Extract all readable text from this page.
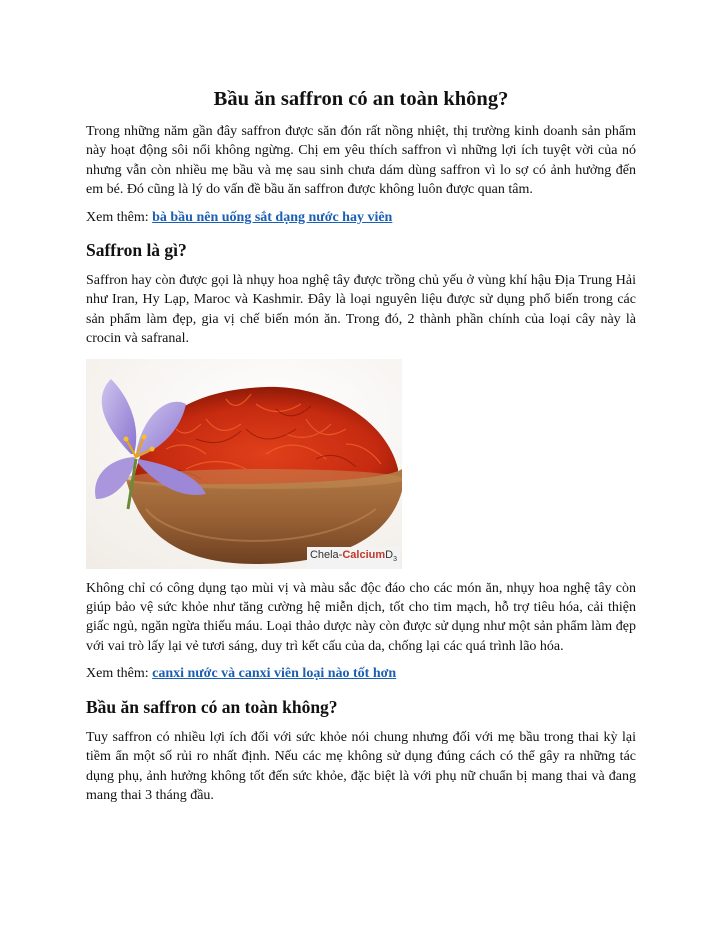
Bầu ăn saffron có an toàn không?

Trong những năm gần đây saffron được săn đón rất nồng nhiệt, thị trường kinh doanh sản phẩm này hoạt động sôi nổi không ngừng. Chị em yêu thích saffron vì những lợi ích tuyệt vời của nó nhưng vẫn còn nhiều mẹ bầu và mẹ sau sinh chưa dám dùng saffron vì lo sợ có ảnh hưởng đến em bé. Đó cũng là lý do vấn đề bầu ăn saffron được không luôn được quan tâm.

Xem thêm: bà bầu nên uống sắt dạng nước hay viên

Saffron là gì?

Saffron hay còn được gọi là nhụy hoa nghệ tây được trồng chủ yếu ở vùng khí hậu Địa Trung Hải như Iran, Hy Lạp, Maroc và Kashmir. Đây là loại nguyên liệu được sử dụng phổ biến trong các sản phẩm làm đẹp, gia vị chế biến món ăn. Trong đó, 2 thành phần chính của loại cây này là crocin và safranal.

Chela-CalciumD$_3$

Không chỉ có công dụng tạo mùi vị và màu sắc độc đáo cho các món ăn, nhụy hoa nghệ tây còn giúp bảo vệ sức khỏe như tăng cường hệ miễn dịch, tốt cho tim mạch, hỗ trợ tiêu hóa, cải thiện giấc ngủ, ngăn ngừa thiếu máu. Loại thảo dược này còn được sử dụng như một sản phẩm làm đẹp với vai trò lấy lại vẻ tươi sáng, duy trì kết cấu của da, chống lại các quá trình lão hóa.

Xem thêm: canxi nước và canxi viên loại nào tốt hơn

Bầu ăn saffron có an toàn không?

Tuy saffron có nhiều lợi ích đối với sức khỏe nói chung nhưng đối với mẹ bầu trong thai kỳ lại tiềm ẩn một số rủi ro nhất định. Nếu các mẹ không sử dụng đúng cách có thể gây ra những tác dụng phụ, ảnh hưởng không tốt đến sức khỏe, đặc biệt là với phụ nữ chuẩn bị mang thai và đang mang thai 3 tháng đầu.
